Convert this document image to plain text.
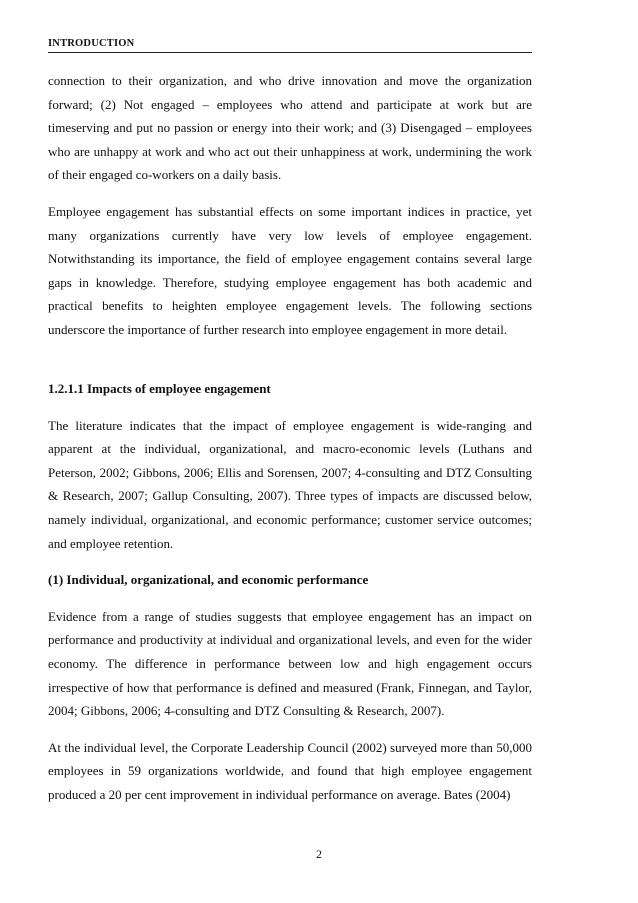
INTRODUCTION

connection to their organization, and who drive innovation and move the organization forward; (2) Not engaged – employees who attend and participate at work but are timeserving and put no passion or energy into their work; and (3) Disengaged – employees who are unhappy at work and who act out their unhappiness at work, undermining the work of their engaged co-workers on a daily basis.

Employee engagement has substantial effects on some important indices in practice, yet many organizations currently have very low levels of employee engagement. Notwithstanding its importance, the field of employee engagement contains several large gaps in knowledge. Therefore, studying employee engagement has both academic and practical benefits to heighten employee engagement levels. The following sections underscore the importance of further research into employee engagement in more detail.

1.2.1.1 Impacts of employee engagement

The literature indicates that the impact of employee engagement is wide-ranging and apparent at the individual, organizational, and macro-economic levels (Luthans and Peterson, 2002; Gibbons, 2006; Ellis and Sorensen, 2007; 4-consulting and DTZ Consulting & Research, 2007; Gallup Consulting, 2007). Three types of impacts are discussed below, namely individual, organizational, and economic performance; customer service outcomes; and employee retention.

(1) Individual, organizational, and economic performance

Evidence from a range of studies suggests that employee engagement has an impact on performance and productivity at individual and organizational levels, and even for the wider economy. The difference in performance between low and high engagement occurs irrespective of how that performance is defined and measured (Frank, Finnegan, and Taylor, 2004; Gibbons, 2006; 4-consulting and DTZ Consulting & Research, 2007).

At the individual level, the Corporate Leadership Council (2002) surveyed more than 50,000 employees in 59 organizations worldwide, and found that high employee engagement produced a 20 per cent improvement in individual performance on average. Bates (2004)

2
